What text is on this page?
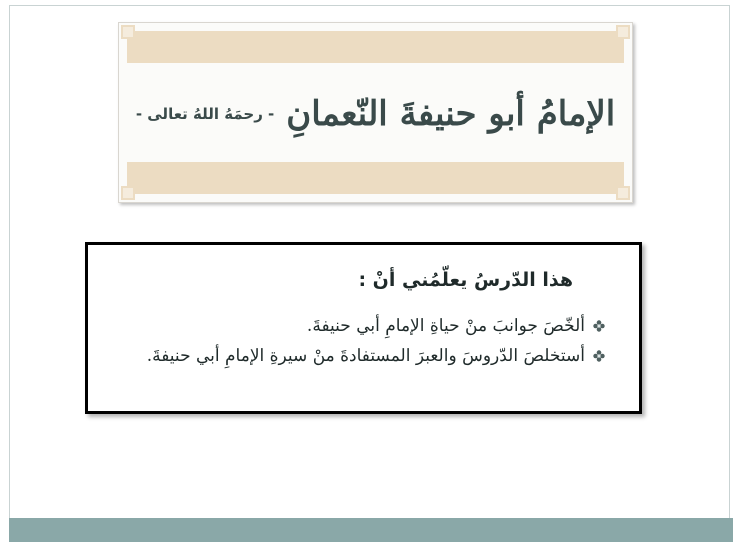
الإمامُ أبو حنيفةَ النّعمانِ
- رحمَهُ اللهُ تعالى -
هذا الدّرسُ يعلّمُني أنْ :
ألخّصَ جوانبَ منْ حياةِ الإمامِ أبي حنيفةَ.
أستخلصَ الدّروسَ والعبرَ المستفادةَ منْ سيرةِ الإمامِ أبي حنيفةَ.
